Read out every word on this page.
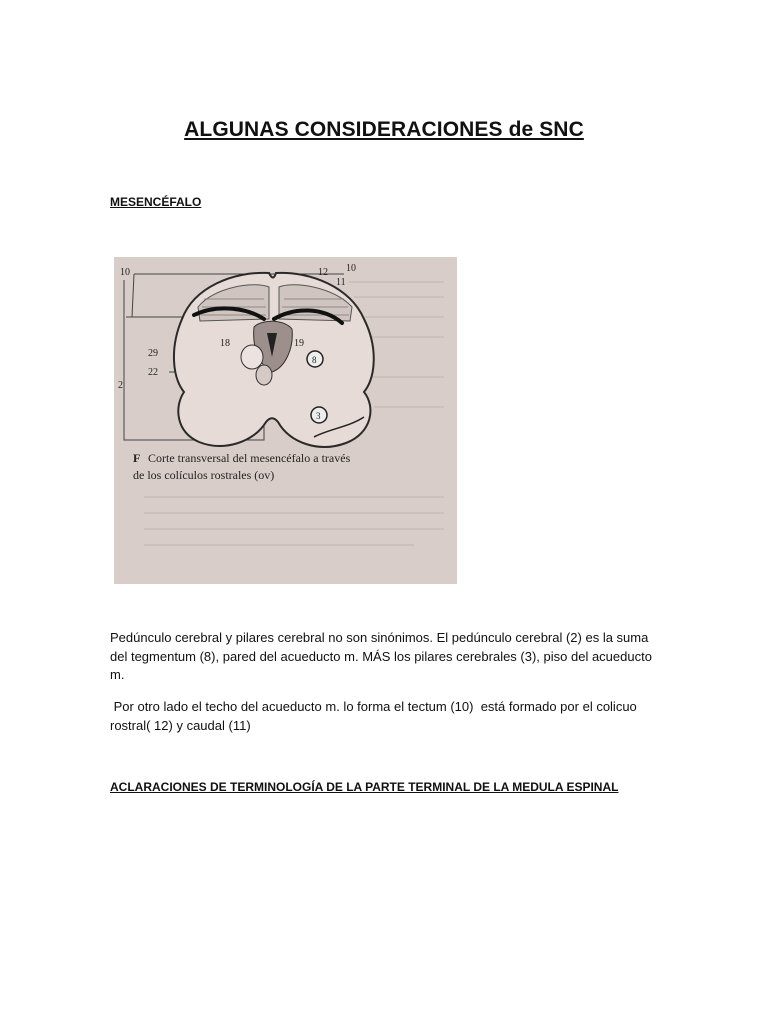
ALGUNAS CONSIDERACIONES de SNC
MESENCÉFALO
10	12 10
11
18	19
29
22
2
8
3
F Corte transversal del mesencéfalo a través
de los colículos rostrales (ov)

Pedúnculo cerebral y pilares cerebral no son sinónimos. El pedúnculo cerebral (2) es la suma del tegmentum (8), pared del acueducto m. MÁS los pilares cerebrales (3), piso del acueducto m.

Por otro lado el techo del acueducto m. lo forma el tectum (10)  está formado por el colicuo rostral( 12) y caudal (11)

ACLARACIONES DE TERMINOLOGÍA DE LA PARTE TERMINAL DE LA MEDULA ESPINAL
